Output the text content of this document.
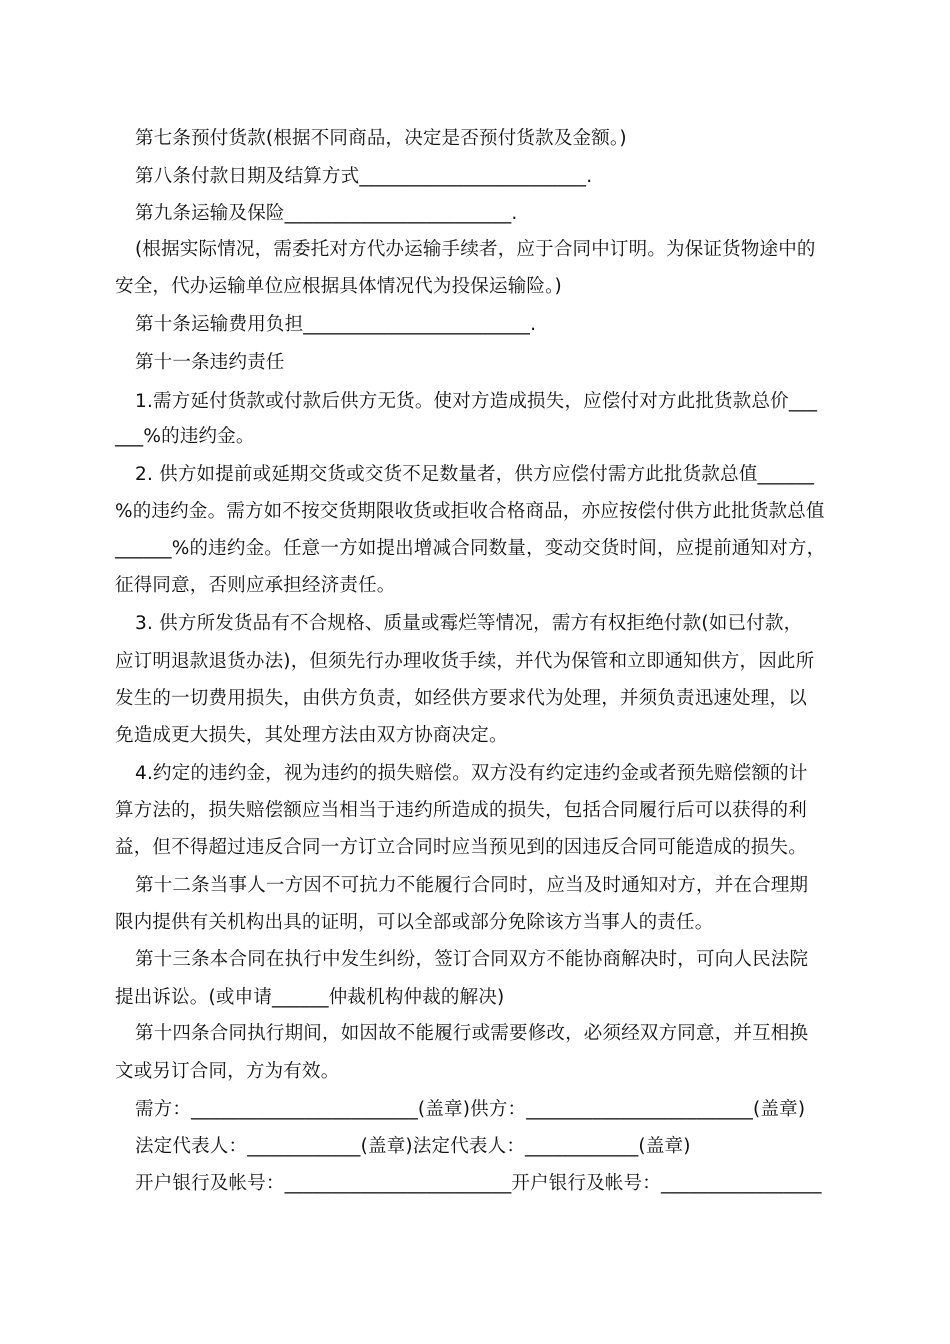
第七条预付货款(根据不同商品，决定是否预付货款及金额。)
第八条付款日期及结算方式________________________.
第九条运输及保险________________________.
(根据实际情况，需委托对方代办运输手续者，应于合同中订明。为保证货物途中的
安全，代办运输单位应根据具体情况代为投保运输险。)
第十条运输费用负担________________________.
第十一条违约责任
1.需方延付货款或付款后供方无货。使对方造成损失，应偿付对方此批货款总价___
___%的违约金。
2. 供方如提前或延期交货或交货不足数量者，供方应偿付需方此批货款总值______
%的违约金。需方如不按交货期限收货或拒收合格商品，亦应按偿付供方此批货款总值
______%的违约金。任意一方如提出增减合同数量，变动交货时间，应提前通知对方，
征得同意，否则应承担经济责任。
3. 供方所发货品有不合规格、质量或霉烂等情况，需方有权拒绝付款(如已付款，
应订明退款退货办法)，但须先行办理收货手续，并代为保管和立即通知供方，因此所
发生的一切费用损失，由供方负责，如经供方要求代为处理，并须负责迅速处理，以
免造成更大损失，其处理方法由双方协商决定。
4.约定的违约金，视为违约的损失赔偿。双方没有约定违约金或者预先赔偿额的计
算方法的，损失赔偿额应当相当于违约所造成的损失，包括合同履行后可以获得的利
益，但不得超过违反合同一方订立合同时应当预见到的因违反合同可能造成的损失。
第十二条当事人一方因不可抗力不能履行合同时，应当及时通知对方，并在合理期
限内提供有关机构出具的证明，可以全部或部分免除该方当事人的责任。
第十三条本合同在执行中发生纠纷，签订合同双方不能协商解决时，可向人民法院
提出诉讼。(或申请______仲裁机构仲裁的解决)
第十四条合同执行期间，如因故不能履行或需要修改，必须经双方同意，并互相换
文或另订合同，方为有效。
需方：________________________(盖章)供方：________________________(盖章)
法定代表人：____________(盖章)法定代表人：____________(盖章)
开户银行及帐号：________________________开户银行及帐号：_________________
